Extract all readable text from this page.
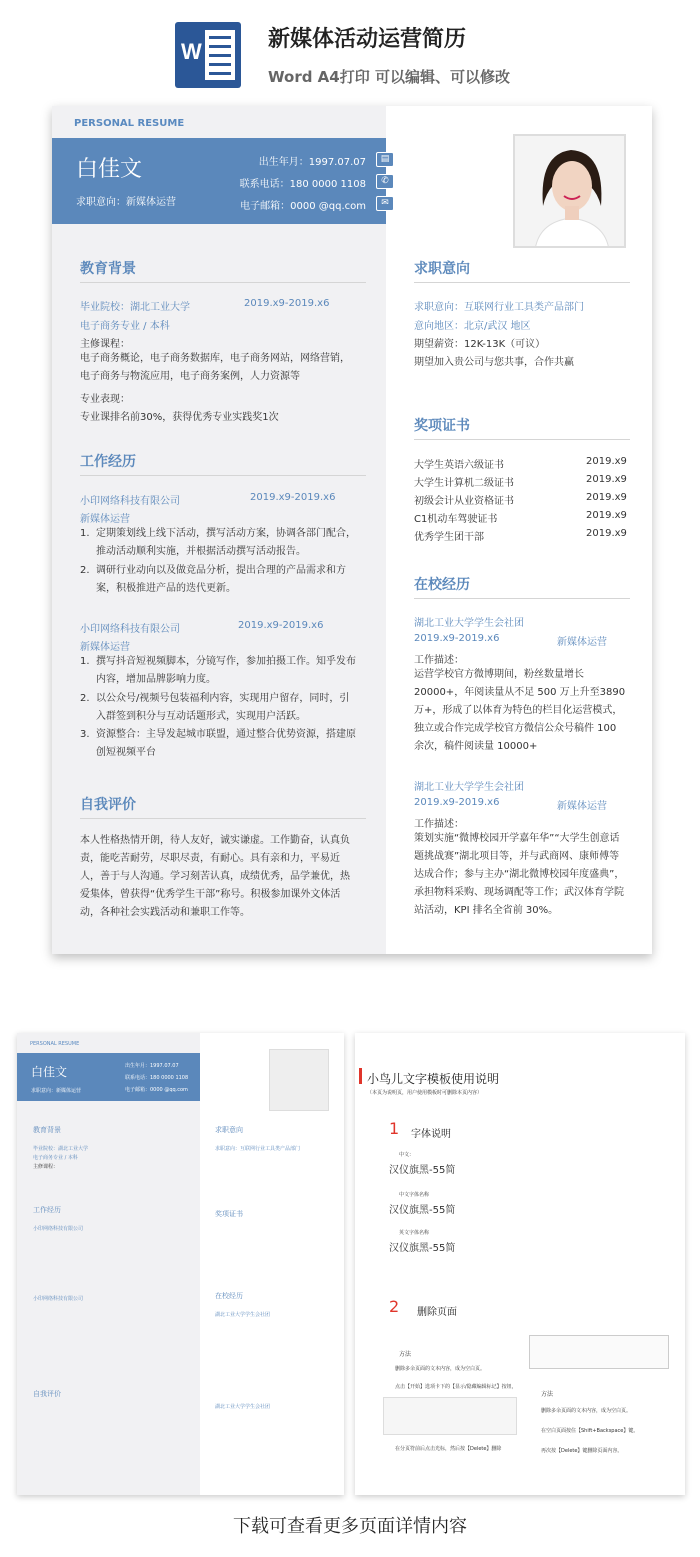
W	新媒体活动运营简历
Word A4打印 可以编辑、可以修改
PERSONAL RESUME
白佳文
求职意向：新媒体运营
出生年月：1997.07.07
联系电话：180 0000 1108
电子邮箱：0000 @qq.com
▤
✆
✉
教育背景
毕业院校：湖北工业大学	2019.x9-2019.x6
电子商务专业 / 本科
主修课程：
电子商务概论，电子商务数据库，电子商务网站，网络营销，电子商务与物流应用，电子商务案例，人力资源等
专业表现：
专业课排名前30%，获得优秀专业实践奖1次
工作经历
小印网络科技有限公司	2019.x9-2019.x6
新媒体运营
1. 定期策划线上线下活动，撰写活动方案，协调各部门配合，推动活动顺利实施，并根据活动撰写活动报告。
2. 调研行业动向以及做竞品分析，提出合理的产品需求和方案，积极推进产品的迭代更新。
小印网络科技有限公司	2019.x9-2019.x6
新媒体运营
1. 撰写抖音短视频脚本，分镜写作，参加拍摄工作。知乎发布内容，增加品牌影响力度。
2. 以公众号/视频号包装福利内容，实现用户留存，同时，引入群签到积分与互动话题形式，实现用户活跃。
3. 资源整合：主导发起城市联盟，通过整合优势资源，搭建原创短视频平台
自我评价
本人性格热情开朗，待人友好，诚实谦虚。工作勤奋，认真负责，能吃苦耐劳，尽职尽责，有耐心。具有亲和力，平易近人，善于与人沟通。学习刻苦认真，成绩优秀，品学兼优，热爱集体，曾获得“优秀学生干部”称号。积极参加课外文体活动，各种社会实践活动和兼职工作等。
求职意向
求职意向：互联网行业工具类产品部门
意向地区：北京/武汉 地区
期望薪资：12K-13K（可议）
期望加入贵公司与您共事，合作共赢
奖项证书
大学生英语六级证书	2019.x9
大学生计算机二级证书	2019.x9
初级会计从业资格证书	2019.x9
C1机动车驾驶证书	2019.x9
优秀学生团干部	2019.x9
在校经历
湖北工业大学学生会社团
2019.x9-2019.x6	新媒体运营
工作描述：
运营学校官方微博期间，粉丝数量增长20000+，年阅读量从不足 500 万上升至3890 万+，形成了以体育为特色的栏目化运营模式，独立或合作完成学校官方微信公众号稿件 100 余次，稿件阅读量 10000+
湖北工业大学学生会社团
2019.x9-2019.x6	新媒体运营
工作描述：
策划实施“微博校园开学嘉年华”“大学生创意话题挑战赛”湖北项目等，并与武商网、康师傅等达成合作；参与主办“湖北微博校园年度盛典”，承担物料采购、现场调配等工作；武汉体育学院站活动，KPI 排名全省前 30%。
PERSONAL RESUME
白佳文
求职意向：新媒体运营
出生年月：1997.07.07
联系电话：180 0000 1108
电子邮箱：0000 @qq.com
教育背景
毕业院校：湖北工业大学
电子商务专业 / 本科
主修课程：
工作经历
小印网络科技有限公司
小印网络科技有限公司
自我评价
求职意向
求职意向：互联网行业工具类产品部门
奖项证书
在校经历
湖北工业大学学生会社团
湖北工业大学学生会社团
小鸟儿文字模板使用说明
（本页为说明页，用户使用模板时可删除本页内容）
1 字体说明
中文：
汉仪旗黑-55简
中文字体名称
汉仪旗黑-55简
英文字体名称
汉仪旗黑-55简
2 删除页面
方法
删除多余页面的文本内容，成为空白页。
点击【开始】选项卡下的【显示/隐藏编辑标记】按钮，
在分页符前后点击光标，然后按【Delete】删除
方法
删除多余页面的文本内容，成为空白页。
在空白页面按住【Shift+Backspace】键。
再次按【Delete】键删除页面内容。
下载可查看更多页面详情内容
